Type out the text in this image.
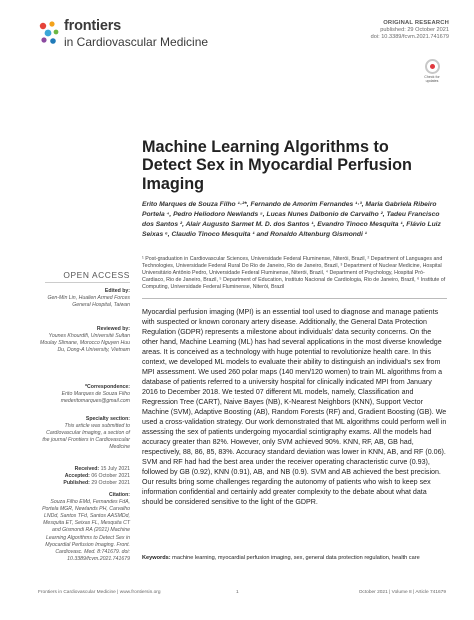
frontiers
in Cardiovascular Medicine
ORIGINAL RESEARCH
published: 29 October 2021
doi: 10.3389/fcvm.2021.741679
Check for updates
Machine Learning Algorithms to Detect Sex in Myocardial Perfusion Imaging
Erito Marques de Souza Filho ¹·²*, Fernando de Amorim Fernandes ¹·³, Maria Gabriela Ribeiro Portela ⁴, Pedro Heliodoro Newlands ⁵, Lucas Nunes Dalbonio de Carvalho ², Tadeu Francisco dos Santos ², Alair Augusto Sarmet M. D. dos Santos ¹, Evandro Tinoco Mesquita ¹, Flávio Luiz Seixas ⁶, Claudio Tinoco Mesquita ¹ and Ronaldo Altenburg Gismondi ¹
¹ Post-graduation in Cardiovascular Sciences, Universidade Federal Fluminense, Niterói, Brazil, ² Department of Languages and Technologies, Universidade Federal Rural Do Rio de Janeiro, Rio de Janeiro, Brazil, ³ Department of Nuclear Medicine, Hospital Universitário Antônio Pedro, Universidade Federal Fluminense, Niterói, Brazil, ⁴ Department of Psychology, Hospital Pró-Cardiaco, Rio de Janeiro, Brazil, ⁵ Department of Education, Instituto Nacional de Cardiologia, Rio de Janeiro, Brazil, ⁶ Institute of Computing, Universidade Federal Fluminense, Niterói, Brazil

Myocardial perfusion imaging (MPI) is an essential tool used to diagnose and manage patients with suspected or known coronary artery disease. Additionally, the General Data Protection Regulation (GDPR) represents a milestone about individuals' data security concerns. On the other hand, Machine Learning (ML) has had several applications in the most diverse knowledge areas. It is conceived as a technology with huge potential to revolutionize health care. In this context, we developed ML models to evaluate their ability to distinguish an individual's sex from MPI assessment. We used 260 polar maps (140 men/120 women) to train ML algorithms from a database of patients referred to a university hospital for clinically indicated MPI from January 2016 to December 2018. We tested 07 different ML models, namely, Classification and Regression Tree (CART), Naive Bayes (NB), K-Nearest Neighbors (KNN), Support Vector Machine (SVM), Adaptive Boosting (AB), Random Forests (RF) and, Gradient Boosting (GB). We used a cross-validation strategy. Our work demonstrated that ML algorithms could perform well in assessing the sex of patients undergoing myocardial scintigraphy exams. All the models had accuracy greater than 82%. However, only SVM achieved 90%. KNN, RF, AB, GB had, respectively, 88, 86, 85, 83%. Accuracy standard deviation was lower in KNN, AB, and RF (0.06). SVM and RF had had the best area under the receiver operating characteristic curve (0.93), followed by GB (0.92), KNN (0.91), AB, and NB (0.9). SVM and AB achieved the best precision. Our results bring some challenges regarding the autonomy of patients who wish to keep sex information confidential and certainly add greater complexity to the debate about what data should be considered sensitive to the light of the GDPR.

Keywords: machine learning, myocardial perfusion imaging, sex, general data protection regulation, health care

OPEN ACCESS
Edited by:
Gen-Min Lin, Hualien Armed Forces General Hospital, Taiwan
Reviewed by:
Younes Khourdifi, Université Sultan Moulay Slimane, Morocco Nguyen Huu Du, Dong-A University, Vietnam
*Correspondence:
Erito Marques de Souza Filho mederitomarques@gmail.com
Specialty section:
This article was submitted to Cardiovascular Imaging, a section of the journal Frontiers in Cardiovascular Medicine
Received: 15 July 2021
Accepted: 06 October 2021
Published: 29 October 2021
Citation:
Souza Filho EMd, Fernandes FdA, Portela MGR, Newlands PH, Carvalho LNDd, Santos TFd, Santos AASMDd, Mesquita ET, Seixas FL, Mesquita CT and Gismondi RA (2021) Machine Learning Algorithms to Detect Sex in Myocardial Perfusion Imaging. Front. Cardiovasc. Med. 8:741679. doi: 10.3389/fcvm.2021.741679
Frontiers in Cardiovascular Medicine | www.frontiersin.org	1	October 2021 | Volume 8 | Article 741679
